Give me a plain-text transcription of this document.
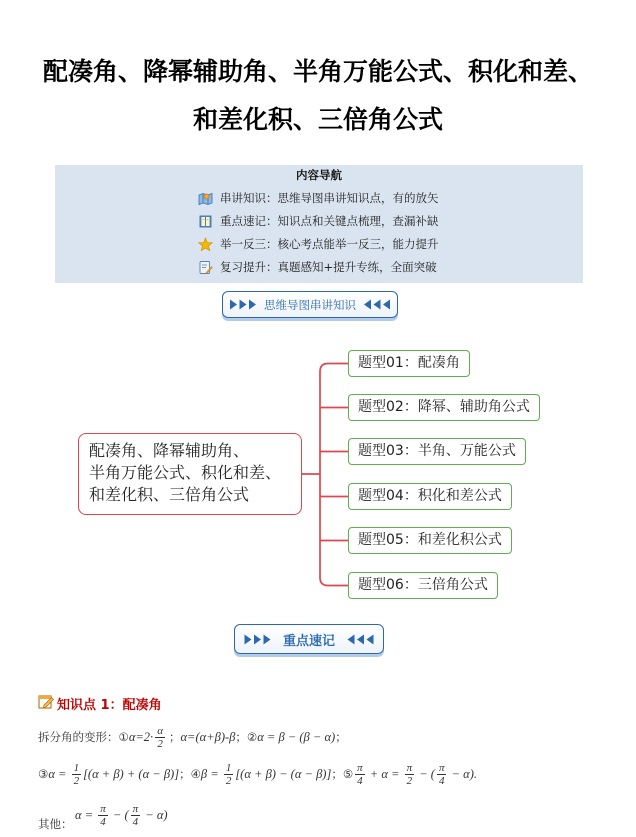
配凑角、降幂辅助角、半角万能公式、积化和差、
和差化积、三倍角公式
内容导航
串讲知识：思维导图串讲知识点，有的放矢
重点速记：知识点和关键点梳理，查漏补缺
举一反三：核心考点能举一反三，能力提升
复习提升：真题感知+提升专练，全面突破
思维导图串讲知识
配凑角、降幂辅助角、
半角万能公式、积化和差、
和差化积、三倍角公式
题型01：配凑角
题型02：降幂、辅助角公式
题型03：半角、万能公式
题型04：积化和差公式
题型05：和差化积公式
题型06：三倍角公式
重点速记
知识点 1：配凑角
拆分角的变形： ① $\alpha=2\cdot \frac{\alpha}{2}$ ； α=(α+β)-β ； ② α = β − (β − α) ；
③ $\alpha = \frac{1}{2} [(\alpha + \beta) + (\alpha - \beta)]$ ； ④ $\beta = \frac{1}{2} [(\alpha + \beta) - (\alpha - \beta)]$ ； ⑤ $\frac{\pi}{4} + \alpha = \frac{\pi}{2}$ − ( $\frac{\pi}{4} - \alpha$) .
其他：
$\alpha = \frac{\pi}{4}$ − ( $\frac{\pi}{4} - \alpha$)
